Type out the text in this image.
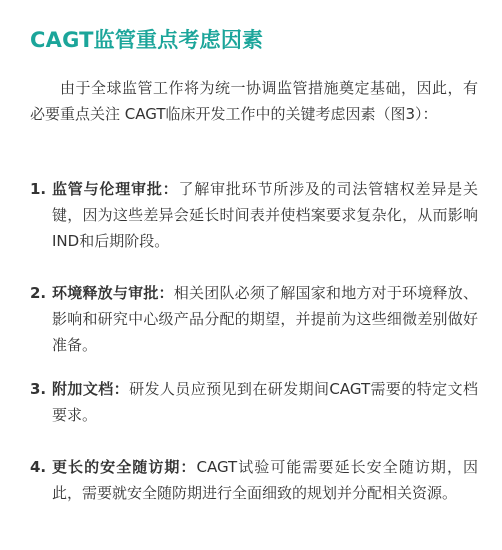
CAGT监管重点考虑因素

由于全球监管工作将为统一协调监管措施奠定基础，因此，有必要重点关注 CAGT临床开发工作中的关键考虑因素（图3）：

1. 监管与伦理审批：了解审批环节所涉及的司法管辖权差异是关键，因为这些差异会延长时间表并使档案要求复杂化，从而影响IND和后期阶段。
2. 环境释放与审批：相关团队必须了解国家和地方对于环境释放、影响和研究中心级产品分配的期望，并提前为这些细微差别做好准备。
3. 附加文档：研发人员应预见到在研发期间CAGT需要的特定文档要求。
4. 更长的安全随访期：CAGT试验可能需要延长安全随访期，因此，需要就安全随防期进行全面细致的规划并分配相关资源。
